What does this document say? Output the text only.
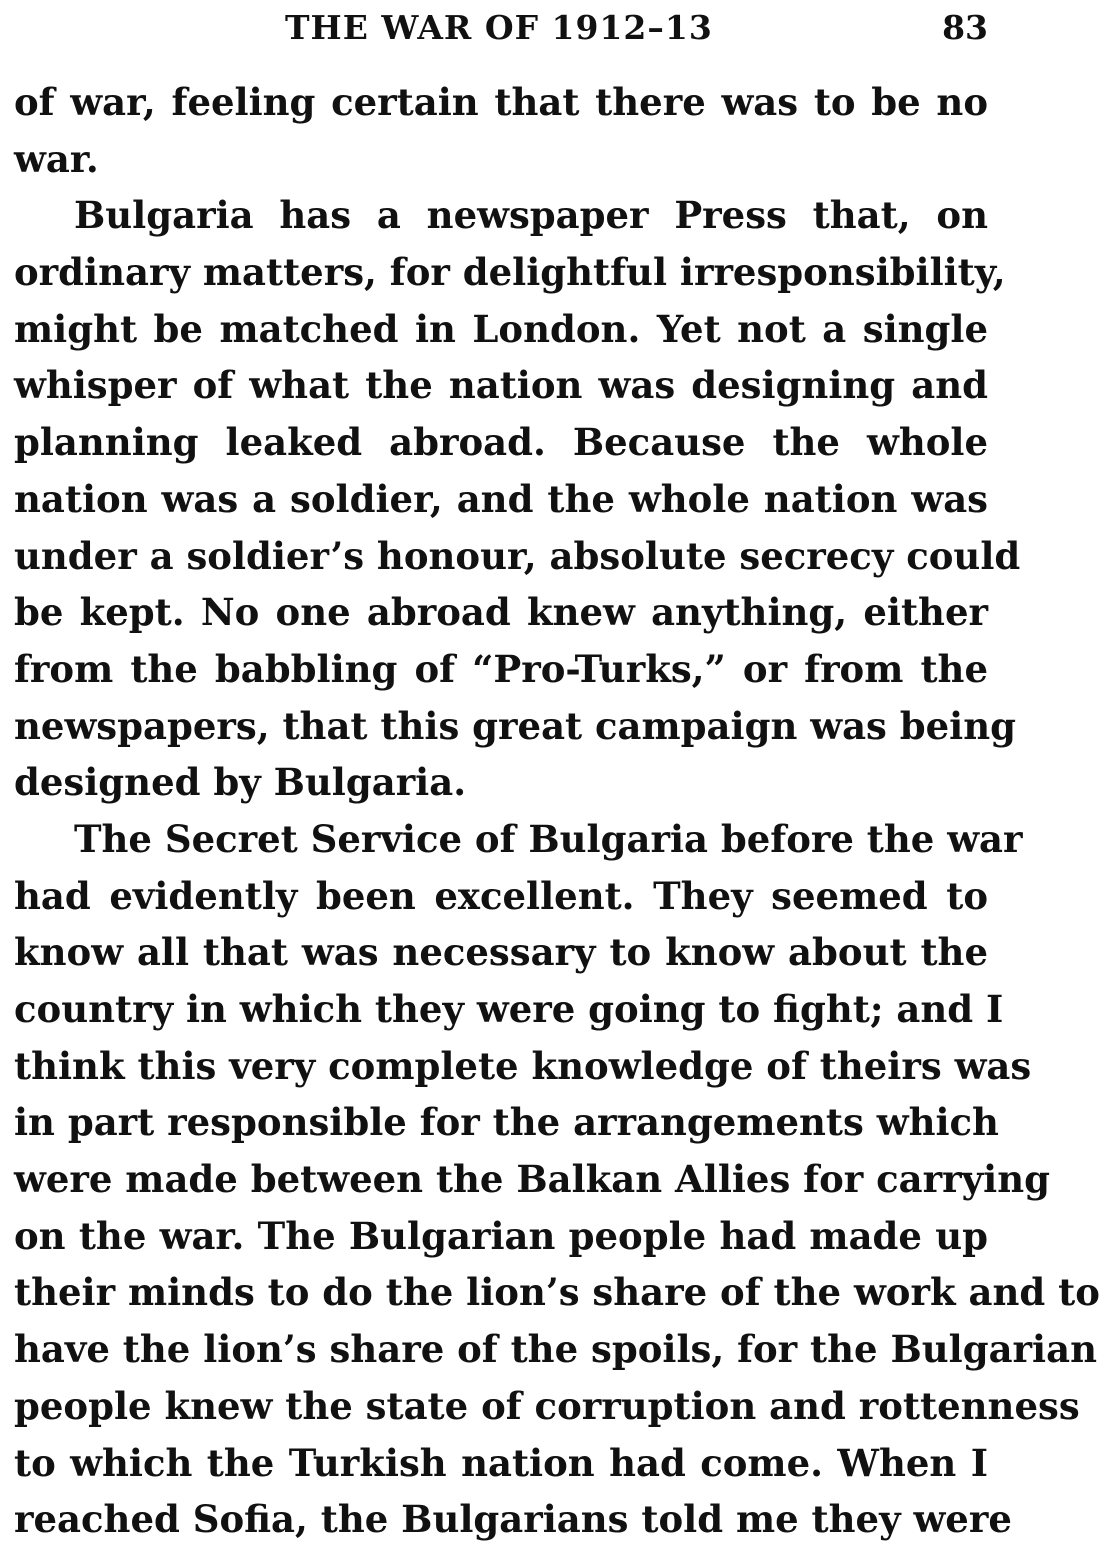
THE WAR OF 1912–13	83
of war, feeling certain that there was to be no
war.
Bulgaria has a newspaper Press that, on
ordinary matters, for delightful irresponsibility,
might be matched in London. Yet not a single
whisper of what the nation was designing and
planning leaked abroad. Because the whole
nation was a soldier, and the whole nation was
under a soldier’s honour, absolute secrecy could
be kept. No one abroad knew anything, either
from the babbling of “Pro-Turks,” or from the
newspapers, that this great campaign was being
designed by Bulgaria.
The Secret Service of Bulgaria before the war
had evidently been excellent. They seemed to
know all that was necessary to know about the
country in which they were going to fight; and I
think this very complete knowledge of theirs was
in part responsible for the arrangements which
were made between the Balkan Allies for carrying
on the war. The Bulgarian people had made up
their minds to do the lion’s share of the work and to
have the lion’s share of the spoils, for the Bulgarian
people knew the state of corruption and rottenness
to which the Turkish nation had come. When I
reached Sofia, the Bulgarians told me they were
